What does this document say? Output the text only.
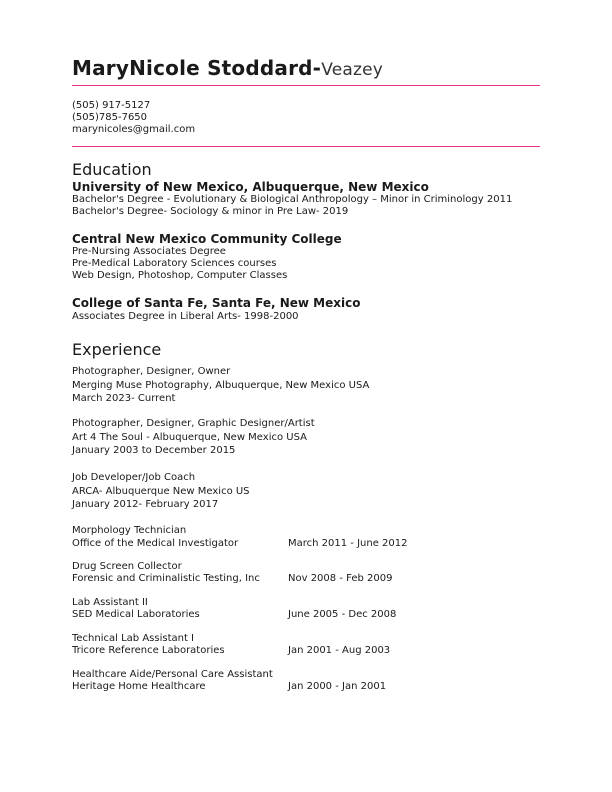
MaryNicole Stoddard-Veazey
(505) 917-5127
(505)785-7650
marynicoles@gmail.com
Education
University of New Mexico, Albuquerque, New Mexico
Bachelor's Degree - Evolutionary & Biological Anthropology – Minor in Criminology 2011
Bachelor's Degree- Sociology & minor in Pre Law- 2019
Central New Mexico Community College
Pre-Nursing Associates Degree
Pre-Medical Laboratory Sciences courses
Web Design, Photoshop, Computer Classes
College of Santa Fe, Santa Fe, New Mexico
Associates Degree in Liberal Arts- 1998-2000
Experience
Photographer, Designer, Owner
Merging Muse Photography, Albuquerque, New Mexico USA
March 2023- Current
Photographer, Designer, Graphic Designer/Artist
Art 4 The Soul - Albuquerque, New Mexico USA
January 2003 to December 2015
Job Developer/Job Coach
ARCA- Albuquerque New Mexico US
January 2012- February 2017
Morphology Technician
Office of the Medical Investigator	March 2011 - June 2012
Drug Screen Collector
Forensic and Criminalistic Testing, Inc	Nov 2008 - Feb 2009
Lab Assistant II
SED Medical Laboratories	June 2005 - Dec 2008
Technical Lab Assistant I
Tricore Reference Laboratories	Jan 2001 - Aug 2003
Healthcare Aide/Personal Care Assistant
Heritage Home Healthcare	Jan 2000 - Jan 2001
